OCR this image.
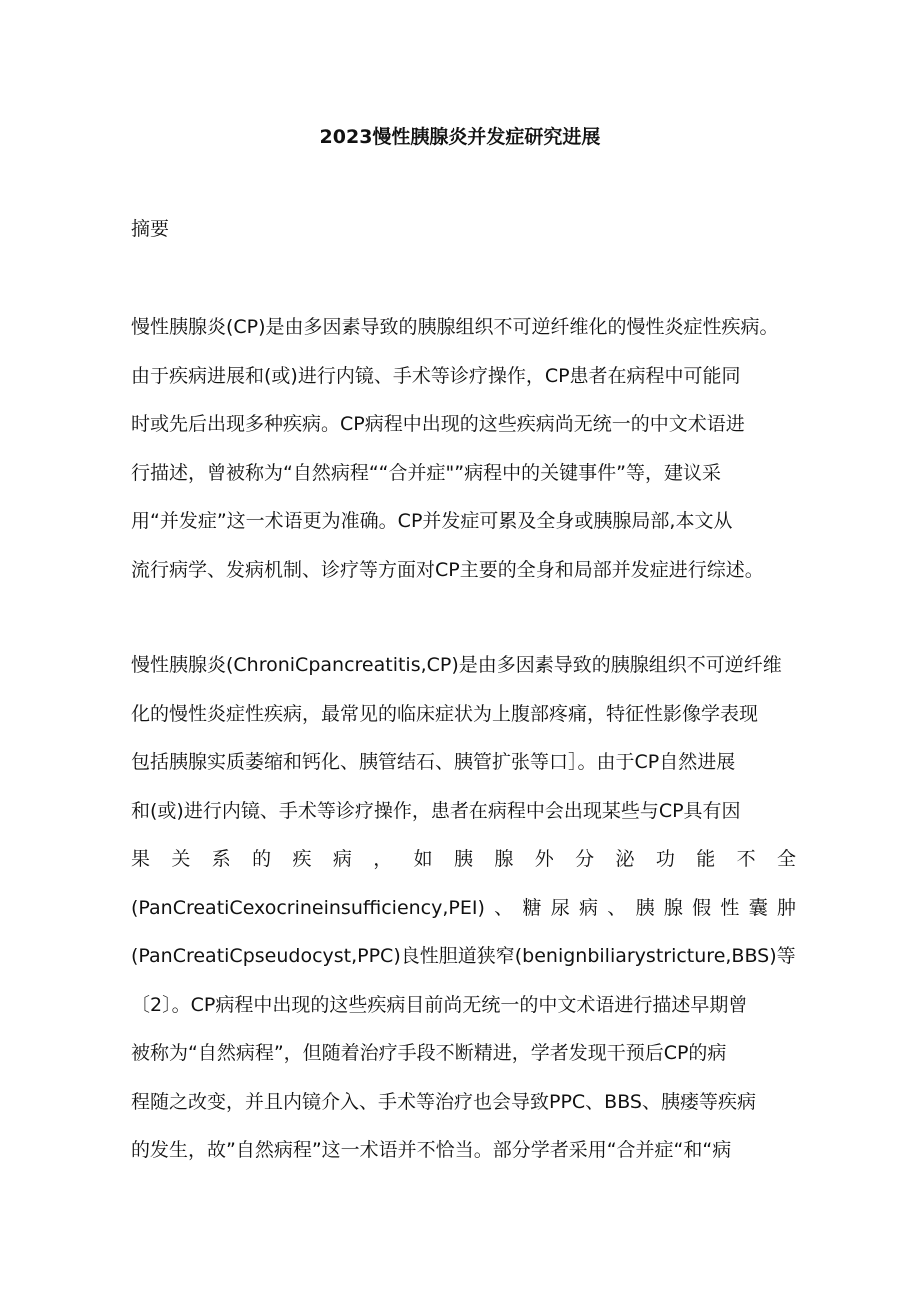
2023慢性胰腺炎并发症研究进展
摘要
慢性胰腺炎(CP)是由多因素导致的胰腺组织不可逆纤维化的慢性炎症性疾病。
由于疾病进展和(或)进行内镜、手术等诊疗操作，CP患者在病程中可能同
时或先后出现多种疾病。CP病程中出现的这些疾病尚无统一的中文术语进
行描述，曾被称为“自然病程““合并症"”病程中的关键事件”等，建议采
用“并发症”这一术语更为准确。CP并发症可累及全身或胰腺局部,本文从
流行病学、发病机制、诊疗等方面对CP主要的全身和局部并发症进行综述。
慢性胰腺炎(ChroniCpancreatitis,CP)是由多因素导致的胰腺组织不可逆纤维
化的慢性炎症性疾病，最常见的临床症状为上腹部疼痛，特征性影像学表现
包括胰腺实质萎缩和钙化、胰管结石、胰管扩张等口］。由于CP自然进展
和(或)进行内镜、手术等诊疗操作，患者在病程中会出现某些与CP具有因
果关系的疾病，如胰腺外分泌功能不全
(PanCreatiCexocrineinsufficiency,PEI)、糖尿病、胰腺假性囊肿
(PanCreatiCpseudocyst,PPC)良性胆道狭窄(benignbiliarystricture,BBS)等
〔2〕。CP病程中出现的这些疾病目前尚无统一的中文术语进行描述早期曾
被称为“自然病程”，但随着治疗手段不断精进，学者发现干预后CP的病
程随之改变，并且内镜介入、手术等治疗也会导致PPC、BBS、胰瘘等疾病
的发生，故”自然病程”这一术语并不恰当。部分学者采用“合并症“和“病
